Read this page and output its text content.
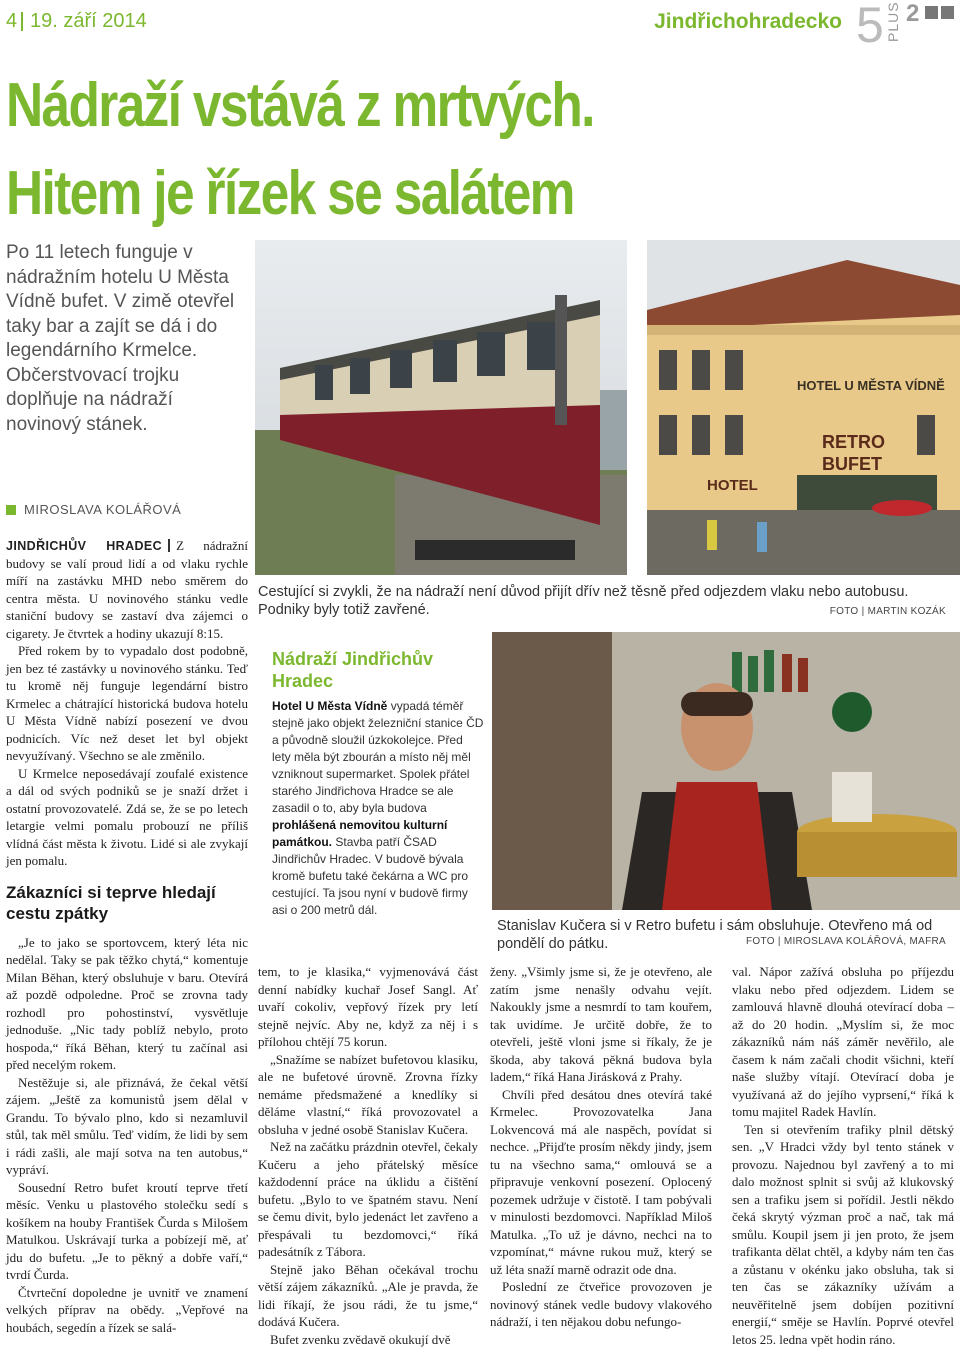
4 19. září 2014	Jindřichohradecko 5 PLUS 2
Nádraží vstává z mrtvých.
Hitem je řízek se salátem
Po 11 letech funguje v nádražním hotelu U Města Vídně bufet. V zimě otevřel taky bar a zajít se dá i do legendárního Krmelce. Občerstvovací trojku doplňuje na nádraží novinový stánek.
MIROSLAVA KOLÁŘOVÁ
HOTEL U MĚSTA VÍDNĚ
RETRO
BUFET
HOTEL
Cestující si zvykli, že na nádraží není důvod přijít dřív než těsně před odjezdem vlaku nebo autobusu. Podniky byly totiž zavřené.	FOTO | MARTIN KOZÁK
Nádraží Jindřichův Hradec
Hotel U Města Vídně vypadá téměř stejně jako objekt železniční stanice ČD a původně sloužil úzkokolejce. Před lety měla být zbourán a místo něj měl vzniknout supermarket. Spolek přátel starého Jindřichova Hradce se ale zasadil o to, aby byla budova prohlášená nemovitou kulturní památkou. Stavba patří ČSAD Jindřichův Hradec. V budově bývala kromě bufetu také čekárna a WC pro cestující. Ta jsou nyní v budově firmy asi o 200 metrů dál.
Stanislav Kučera si v Retro bufetu i sám obsluhuje. Otevřeno má od pondělí do pátku.	FOTO | MIROSLAVA KOLÁŘOVÁ, MAFRA

JINDŘICHŮV HRADEC Z nádražní budovy se valí proud lidí a od vlaku rychle míří na zastávku MHD nebo směrem do centra města. U novinového stánku vedle staniční budovy se zastaví dva zájemci o cigarety. Je čtvrtek a hodiny ukazují 8:15.

Před rokem by to vypadalo dost podobně, jen bez té zastávky u novinového stánku. Teď tu kromě něj funguje legendární bistro Krmelec a chátrající historická budova hotelu U Města Vídně nabízí posezení ve dvou podnicích. Víc než deset let byl objekt nevyužívaný. Všechno se ale změnilo.

U Krmelce neposedávají zoufalé existence a dál od svých podniků se je snaží držet i ostatní provozovatelé. Zdá se, že se po letech letargie velmi pomalu probouzí ne příliš vlídná část města k životu. Lidé si ale zvykají jen pomalu.

Zákazníci si teprve hledají cestu zpátky

„Je to jako se sportovcem, který léta nic nedělal. Taky se pak těžko chytá,“ komentuje Milan Běhan, který obsluhuje v baru. Otevírá až pozdě odpoledne. Proč se zrovna tady rozhodl pro pohostinství, vysvětluje jednoduše. „Nic tady poblíž nebylo, proto hospoda,“ říká Běhan, který tu začínal asi před necelým rokem.

Nestěžuje si, ale přiznává, že čekal větší zájem. „Ještě za komunistů jsem dělal v Grandu. To bývalo plno, kdo si nezamluvil stůl, tak měl smůlu. Teď vidím, že lidi by sem i rádi zašli, ale mají sotva na ten autobus,“ vypráví.

Sousední Retro bufet kroutí teprve třetí měsíc. Venku u plastového stolečku sedí s košíkem na houby František Čurda s Milošem Matulkou. Uskrávají turka a pobízejí mě, ať jdu do bufetu. „Je to pěkný a dobře vaří,“ tvrdí Čurda.

Čtvrteční dopoledne je uvnitř ve znamení velkých příprav na obědy. „Vepřové na houbách, segedín a řízek se salá-

tem, to je klasika,“ vyjmenovává část denní nabídky kuchař Josef Sangl. Ať uvaří cokoliv, vepřový řízek pry letí stejně nejvíc. Aby ne, když za něj i s přílohou chtějí 75 korun.

„Snažíme se nabízet bufetovou klasiku, ale ne bufetové úrovně. Zrovna řízky nemáme předsmažené a knedlíky si děláme vlastní,“ říká provozovatel a obsluha v jedné osobě Stanislav Kučera.

Než na začátku prázdnin otevřel, čekaly Kučeru a jeho přátelský měsíce každodenní práce na úklidu a čištění bufetu. „Bylo to ve špatném stavu. Není se čemu divit, bylo jedenáct let zavřeno a přespávali tu bezdomovci,“ říká padesátník z Tábora.

Stejně jako Běhan očekával trochu větší zájem zákazníků. „Ale je pravda, že lidi říkají, že jsou rádi, že tu jsme,“ dodává Kučera.

Bufet zvenku zvědavě okukují dvě

ženy. „Všimly jsme si, že je otevřeno, ale zatím jsme nenašly odvahu vejít. Nakoukly jsme a nesmrdí to tam kouřem, tak uvidíme. Je určitě dobře, že to otevřeli, ještě vloni jsme si říkaly, že je škoda, aby taková pěkná budova byla ladem,“ říká Hana Jirásková z Prahy.

Chvíli před desátou dnes otevírá také Krmelec. Provozovatelka Jana Lokvencová má ale naspěch, povídat si nechce. „Přijďte prosím někdy jindy, jsem tu na všechno sama,“ omlouvá se a připravuje venkovní posezení. Oplocený pozemek udržuje v čistotě. I tam pobývali v minulosti bezdomovci. Například Miloš Matulka. „To už je dávno, nechci na to vzpomínat,“ mávne rukou muž, který se už léta snaží marně odrazit ode dna.

Poslední ze čtveřice provozoven je novinový stánek vedle budovy vlakového nádraží, i ten nějakou dobu nefungo-

val. Nápor zažívá obsluha po příjezdu vlaku nebo před odjezdem. Lidem se zamlouvá hlavně dlouhá otevírací doba – až do 20 hodin. „Myslím si, že moc zákazníků nám náš záměr nevěřilo, ale časem k nám začali chodit všichni, kteří naše služby vítají. Otevírací doba je využívaná až do jejího vyprsení,“ říká k tomu majitel Radek Havlín.

Ten si otevřením trafiky plnil dětský sen. „V Hradci vždy byl tento stánek v provozu. Najednou byl zavřený a to mi dalo možnost splnit si svůj až klukovský sen a trafiku jsem si pořídil. Jestli někdo čeká skrytý výzman proč a nač, tak má smůlu. Koupil jsem ji jen proto, že jsem trafikanta dělat chtěl, a kdyby nám ten čas a zůstanu v okénku jako obsluha, tak si ten čas se zákazníky užívám a neuvěřitelně jsem dobíjen pozitivní energií,“ směje se Havlín. Poprvé otevřel letos 25. ledna vpět hodin ráno.
